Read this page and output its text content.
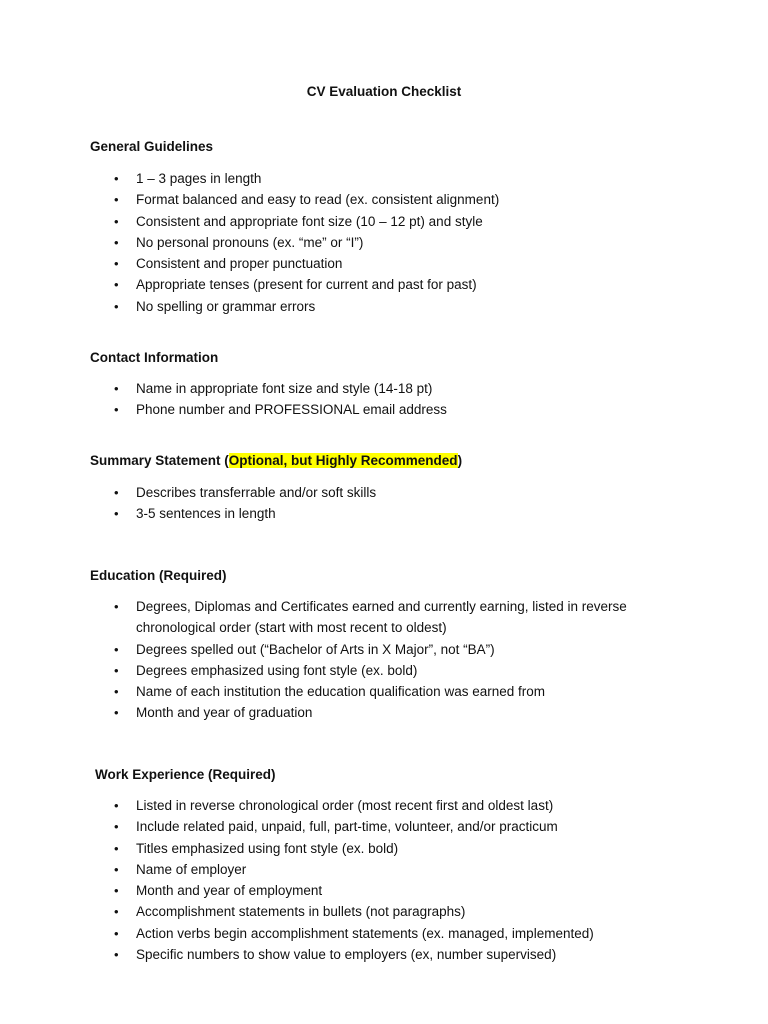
CV Evaluation Checklist
General Guidelines
• 1 – 3 pages in length
• Format balanced and easy to read (ex. consistent alignment)
• Consistent and appropriate font size (10 – 12 pt) and style
• No personal pronouns (ex. “me” or “I”)
• Consistent and proper punctuation
• Appropriate tenses (present for current and past for past)
• No spelling or grammar errors
Contact Information
• Name in appropriate font size and style (14-18 pt)
• Phone number and PROFESSIONAL email address
Summary Statement (Optional, but Highly Recommended)
• Describes transferrable and/or soft skills
• 3-5 sentences in length
Education (Required)
• Degrees, Diplomas and Certificates earned and currently earning, listed in reverse chronological order (start with most recent to oldest)
• Degrees spelled out (“Bachelor of Arts in X Major”, not “BA”)
• Degrees emphasized using font style (ex. bold)
• Name of each institution the education qualification was earned from
• Month and year of graduation
Work Experience (Required)
• Listed in reverse chronological order (most recent first and oldest last)
• Include related paid, unpaid, full, part-time, volunteer, and/or practicum
• Titles emphasized using font style (ex. bold)
• Name of employer
• Month and year of employment
• Accomplishment statements in bullets (not paragraphs)
• Action verbs begin accomplishment statements (ex. managed, implemented)
• Specific numbers to show value to employers (ex, number supervised)
